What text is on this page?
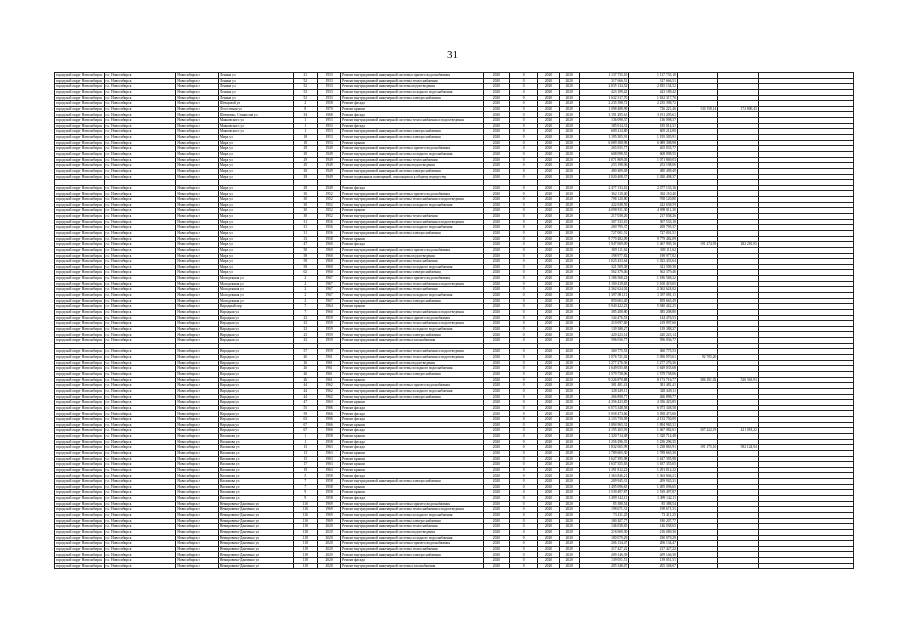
31
городской округ Новосибирск	г.о. Новосибирск	Новосибирск г	Ленина ул	21	1933	Ремонт внутридомовой инженерной системы горячего водоснабжения	2020	0	2020	2020	1 137 735,10	1 137 735,10			
городской округ Новосибирск	г.о. Новосибирск	Новосибирск г	Ленина ул	52	1933	Ремонт внутридомовой инженерной системы теплоснабжения	2020	0	2020	2020	317 666,51	317 666,51			
городской округ Новосибирск	г.о. Новосибирск	Новосибирск г	Ленина ул	52	1933	Ремонт внутридомовой инженерной системы водоотведения	2020	0	2020	2020	2 835 134,52	2 835 134,52			
городской округ Новосибирск	г.о. Новосибирск	Новосибирск г	Ленина ул	52	1933	Ремонт внутридомовой инженерной системы холодного водоснабжения	2020	0	2020	2020	423 189,42	423 189,42			
городской округ Новосибирск	г.о. Новосибирск	Новосибирск г	Ленина ул	52	1933	Ремонт внутридомовой инженерной системы электроснабжения	2020	0	2020	2020	1 632 317,70	1 632 317,70			
городской округ Новосибирск	г.о. Новосибирск	Новосибирск г	Шевцовой ул	2	1958	Ремонт фасада	2020	0	2020	2020	2 235 398,72	2 235 398,72			
городской округ Новосибирск	г.о. Новосибирск	Новосибирск г	Лесосечная ул	8	1970	Ремонт крыши	2020	0	2020	2020	1 098 488,99	726 221,46	130 158,14	172 800,43	
городской округ Новосибирск	г.о. Новосибирск	Новосибирск г	Шевченко, Станислав ул	34	1968	Ремонт фасада	2020	0	2020	2020	3 191 295,61	3 191 295,61			
городской округ Новосибирск	г.о. Новосибирск	Новосибирск г	Маяковского ул	1	1953	Ремонт внутридомовой инженерной системы теплоснабжения и водоотведения	2020	0	2020	2020	136 098,37	136 098,37			
городской округ Новосибирск	г.о. Новосибирск	Новосибирск г	Маяковского ул	1	1953	Ремонт фасада	2020	0	2020	2020	185 014,31	185 014,31			
городской округ Новосибирск	г.о. Новосибирск	Новосибирск г	Маяковского ул	1	1953	Ремонт внутридомовой инженерной системы электроснабжения	2020	0	2020	2020	609 214,80	609 214,80			
городской округ Новосибирск	г.о. Новосибирск	Новосибирск г	Мира ул	18	1953	Ремонт внутридомовой инженерной системы электроснабжения	2020	0	2020	2020	1 195 305,91	1 195 305,91			
городской округ Новосибирск	г.о. Новосибирск	Новосибирск г	Мира ул	18	1953	Ремонт крыши	2020	0	2020	2020	6 089 308,98	6 089 308,98			
городской округ Новосибирск	г.о. Новосибирск	Новосибирск г	Мира ул	29	1949	Ремонт внутридомовой инженерной системы горячего водоснабжения	2020	0	2020	2020	265 035,77	265 035,77			
городской округ Новосибирск	г.о. Новосибирск	Новосибирск г	Мира ул	29	1949	Ремонт внутридомовой инженерной системы холодного водоснабжения	2020	0	2020	2020	608 098,55	608 098,55			
городской округ Новосибирск	г.о. Новосибирск	Новосибирск г	Мира ул	29	1949	Ремонт внутридомовой инженерной системы теплоснабжения	2020	0	2020	2020	1 071 869,03	1 071 869,03			
городской округ Новосибирск	г.о. Новосибирск	Новосибирск г	Мира ул	29	1949	Ремонт внутридомовой инженерной системы водоотведения	2020	0	2020	2020	253 198,06	253 198,06			
городской округ Новосибирск	г.о. Новосибирск	Новосибирск г	Мира ул	29	1949	Ремонт внутридомовой инженерной системы электроснабжения	2020	0	2020	2020	480 409,49	480 409,49			
городской округ Новосибирск	г.о. Новосибирск	Новосибирск г	Мира ул	29	1949	Ремонт подвальных помещений, относящихся к общему имуществу	2020	0	2020	2020	1 020 408,37	1 020 408,37			

городской округ Новосибирск	г.о. Новосибирск	Новосибирск г	Мира ул	29	1949	Ремонт фасада	2020	0	2020	2020	2 477 133,16	2 477 133,16			
городской округ Новосибирск	г.о. Новосибирск	Новосибирск г	Мира ул	30	1952	Ремонт внутридомовой инженерной системы горячего водоснабжения	2020	0	2020	2020	362 110,40	362 110,40			
городской округ Новосибирск	г.о. Новосибирск	Новосибирск г	Мира ул	30	1952	Ремонт внутридомовой инженерной системы теплоснабжения и водоотведения	2020	0	2020	2020	708 120,80	708 120,80			
городской округ Новосибирск	г.о. Новосибирск	Новосибирск г	Мира ул	30	1952	Ремонт внутридомовой инженерной системы холодного водоснабжения	2020	0	2020	2020	422 638,59	422 638,59			
городской округ Новосибирск	г.о. Новосибирск	Новосибирск г	Мира ул	30	1952	Ремонт крыши	2020	0	2020	2020	4 098 811,30	4 098 811,30			
городской округ Новосибирск	г.о. Новосибирск	Новосибирск г	Мира ул	30	1952	Ремонт внутридомовой инженерной системы теплоснабжения	2020	0	2020	2020	217 038,26	217 038,26			
городской округ Новосибирск	г.о. Новосибирск	Новосибирск г	Мира ул	31	1956	Ремонт внутридомовой инженерной системы теплоснабжения и водоотведения	2020	0	2020	2020	307 533,10	307 533,10			
городской округ Новосибирск	г.о. Новосибирск	Новосибирск г	Мира ул	31	1956	Ремонт внутридомовой инженерной системы холодного водоснабжения	2020	0	2020	2020	269 795,37	269 795,37			
городской округ Новосибирск	г.о. Новосибирск	Новосибирск г	Мира ул	31	1956	Ремонт внутридомовой инженерной системы электроснабжения	2020	0	2020	2020	727 001,51	727 001,51			
городской округ Новосибирск	г.о. Новосибирск	Новосибирск г	Мира ул	33	1958	Ремонт крыши	2020	0	2020	2020	9 779 482,09	9 779 482,09			
городской округ Новосибирск	г.о. Новосибирск	Новосибирск г	Мира ул	47	1960	Ремонт фасада	2020	0	2020	2020	1 947 069,09	1 467 905,16	191 274,93	282 281,83	
городской округ Новосибирск	г.о. Новосибирск	Новосибирск г	Мира ул	58	1960	Ремонт внутридомовой инженерной системы горячего водоснабжения	2020	0	2020	2020	309 111,62	309 111,62			
городской округ Новосибирск	г.о. Новосибирск	Новосибирск г	Мира ул	58	1960	Ремонт внутридомовой инженерной системы водоотведения	2020	0	2020	2020	198 977,82	198 977,82			
городской округ Новосибирск	г.о. Новосибирск	Новосибирск г	Мира ул	58	1960	Ремонт внутридомовой инженерной системы теплоснабжения	2020	0	2020	2020	1 023 433,64	1 023 433,64			
городской округ Новосибирск	г.о. Новосибирск	Новосибирск г	Мира ул	58	1960	Ремонт внутридомовой инженерной системы холодного водоснабжения	2020	0	2020	2020	321 509,38	321 509,38			
городской округ Новосибирск	г.о. Новосибирск	Новосибирск г	Мира ул	62	1960	Ремонт внутридомовой инженерной системы электроснабжения	2020	0	2020	2020	562 379,46	562 379,46			
городской округ Новосибирск	г.о. Новосибирск	Новосибирск г	Молодежная ул	2	1967	Ремонт внутридомовой инженерной системы горячего водоснабжения	2020	0	2020	2020	1 186 568,22	1 186 568,22			
городской округ Новосибирск	г.о. Новосибирск	Новосибирск г	Молодежная ул	2	1967	Ремонт внутридомовой инженерной системы теплоснабжения и водоотведения	2020	0	2020	2020	1 100 419,65	1 100 419,65			
городской округ Новосибирск	г.о. Новосибирск	Новосибирск г	Молодежная ул	2	1967	Ремонт внутридомовой инженерной системы теплоснабжения	2020	0	2020	2020	2 362 624,02	2 362 624,02			
городской округ Новосибирск	г.о. Новосибирск	Новосибирск г	Молодежная ул	2	1967	Ремонт внутридомовой инженерной системы холодного водоснабжения	2020	0	2020	2020	1 397 081,11	1 397 081,11			
городской округ Новосибирск	г.о. Новосибирск	Новосибирск г	Молодежная ул	2	1967	Ремонт внутридомовой инженерной системы электроснабжения	2020	0	2020	2020	859 663,49	859 663,49			
городской округ Новосибирск	г.о. Новосибирск	Новосибирск г	Народный пер	7	1964	Ремонт крыши	2020	0	2020	2020	5 940 422,25	5 940 422,25			
городской округ Новосибирск	г.о. Новосибирск	Новосибирск г	Народная ул	7	1960	Ремонт внутридомовой инженерной системы теплоснабжения и водоотведения	2020	0	2020	2020	385 208,80	385 208,80			
городской округ Новосибирск	г.о. Новосибирск	Новосибирск г	Народная ул	23	1959	Ремонт внутридомовой инженерной системы горячего водоснабжения	2020	0	2020	2020	144 476,53	144 476,53			
городской округ Новосибирск	г.о. Новосибирск	Новосибирск г	Народная ул	23	1959	Ремонт внутридомовой инженерной системы теплоснабжения и водоотведения	2020	0	2020	2020	219 097,60	219 097,60			
городской округ Новосибирск	г.о. Новосибирск	Новосибирск г	Народная ул	23	1959	Ремонт внутридомовой инженерной системы холодного водоснабжения	2020	0	2020	2020	139 388,27	139 388,27			
городской округ Новосибирск	г.о. Новосибирск	Новосибирск г	Народная ул	23	1959	Ремонт внутридомовой инженерной системы электроснабжения	2020	0	2020	2020	420 223,14	420 223,14			
городской округ Новосибирск	г.о. Новосибирск	Новосибирск г	Народная ул	23	1959	Ремонт внутридомовой инженерной системы газоснабжения	2020	0	2020	2020	596 036,77	596 036,77			

городской округ Новосибирск	г.о. Новосибирск	Новосибирск г	Народная ул	57	1959	Ремонт внутридомовой инженерной системы теплоснабжения и водоотведения	2020	0	2020	2020	360 775,53	360 775,53			
городской округ Новосибирск	г.о. Новосибирск	Новосибирск г	Народная ул	26	1961	Ремонт внутридомовой инженерной системы теплоснабжения и водоотведения	2020	0	2020	2020	1 076 721,02	1 056 970,61	92 705,20		
городской округ Новосибирск	г.о. Новосибирск	Новосибирск г	Народная ул	26	1961	Ремонт внутридомовой инженерной системы водоотведения	2020	0	2020	2020	1 277 276,36	1 277 276,36			
городской округ Новосибирск	г.о. Новосибирск	Новосибирск г	Народная ул	26	1961	Ремонт внутридомовой инженерной системы холодного водоснабжения	2020	0	2020	2020	1 649 035,68	1 649 035,68			
городской округ Новосибирск	г.о. Новосибирск	Новосибирск г	Народная ул	26	1961	Ремонт внутридомовой инженерной системы электроснабжения	2020	0	2020	2020	1 579 738,06	1 579 738,06			
городской округ Новосибирск	г.о. Новосибирск	Новосибирск г	Народная ул	26	1961	Ремонт крыши	2020	0	2020	2020	9 226 870,88	8 173 716,77	386 181,02	526 363,93	
городской округ Новосибирск	г.о. Новосибирск	Новосибирск г	Народная ул	44	1962	Ремонт внутридомовой инженерной системы горячего водоснабжения	2020	0	2020	2020	381 481,41	381 481,41			
городской округ Новосибирск	г.о. Новосибирск	Новосибирск г	Народная ул	44	1962	Ремонт внутридомовой инженерной системы холодного водоснабжения	2020	0	2020	2020	328 449,11	328 449,11			
городской округ Новосибирск	г.о. Новосибирск	Новосибирск г	Народная ул	44	1962	Ремонт внутридомовой инженерной системы электроснабжения	2020	0	2020	2020	266 898,77	266 898,77			
городской округ Новосибирск	г.о. Новосибирск	Новосибирск г	Народная ул	47	1963	Ремонт крыши	2020	0	2020	2020	4 356 423,85	4 356 423,85			
городской округ Новосибирск	г.о. Новосибирск	Новосибирск г	Народная ул	55	1986	Ремонт фасада	2020	0	2020	2020	6 073 348,58	6 073 348,58			
городской округ Новосибирск	г.о. Новосибирск	Новосибирск г	Народная ул	59	1966	Ремонт фасада	2020	0	2020	2020	5 058 473,66	5 058 473,66			
городской округ Новосибирск	г.о. Новосибирск	Новосибирск г	Народная ул	63	1996	Ремонт фасада	2020	0	2020	2020	2 133 750,09	2 133 750,09			
городской округ Новосибирск	г.о. Новосибирск	Новосибирск г	Народная ул	67	1966	Ремонт крыши	2020	0	2020	2020	1 894 965,31	1 894 965,31			
городской округ Новосибирск	г.о. Новосибирск	Новосибирск г	Народная ул	67	1966	Ремонт фасада	2020	0	2020	2020	2 195 265,93	1 467 082,61	307 222,19	421 018,22	
городской округ Новосибирск	г.о. Новосибирск	Новосибирск г	Нахимова ул	1	1958	Ремонт крыши	2020	0	2020	2020	1 320 714,48	1 320 714,48			
городской округ Новосибирск	г.о. Новосибирск	Новосибирск г	Нахимова ул	1	1958	Ремонт фасада	2020	0	2020	2020	1 256 296,35	1 256 296,35			
городской округ Новосибирск	г.о. Новосибирск	Новосибирск г	Нахимова ул	13	1963	Ремонт фасада	2020	0	2020	2020	1 832 065,99	1 238 865,91	191 175,10	392 124,94	
городской округ Новосибирск	г.о. Новосибирск	Новосибирск г	Нахимова ул	13	1963	Ремонт крыши	2020	0	2020	2020	1 789 665,30	1 789 665,30			
городской округ Новосибирск	г.о. Новосибирск	Новосибирск г	Нахимова ул	15	1963	Ремонт крыши	2020	0	2020	2020	1 627 395,98	1 627 395,98			
городской округ Новосибирск	г.о. Новосибирск	Новосибирск г	Нахимова ул	17	1963	Ремонт крыши	2020	0	2020	2020	1 637 355,65	1 637 355,65			
городской округ Новосибирск	г.о. Новосибирск	Новосибирск г	Нахимова ул	19	1963	Ремонт крыши	2020	0	2020	2020	1 291 812,22	1 291 812,22			
городской округ Новосибирск	г.о. Новосибирск	Новосибирск г	Нахимова ул	5	1958	Ремонт фасада	2020	0	2020	2020	1 363 846,21	1 363 846,21			
городской округ Новосибирск	г.о. Новосибирск	Новосибирск г	Нахимова ул	7	1958	Ремонт внутридомовой инженерной системы электроснабжения	2020	0	2020	2020	209 945,31	209 945,31			
городской округ Новосибирск	г.о. Новосибирск	Новосибирск г	Нахимова ул	7	1958	Ремонт крыши	2020	0	2020	2020	1 495 096,65	1 495 096,65			
городской округ Новосибирск	г.о. Новосибирск	Новосибирск г	Нахимова ул	9	1958	Ремонт крыши	2020	0	2020	2020	1 539 497,87	1 539 497,87			
городской округ Новосибирск	г.о. Новосибирск	Новосибирск г	Нахимова ул	9	1958	Ремонт фасада	2020	0	2020	2020	1 499 142,11	1 499 142,11			
городской округ Новосибирск	г.о. Новосибирск	Новосибирск г	Немировича-Данченко ул	116	1969	Ремонт внутридомовой инженерной системы горячего водоснабжения	2020	0	2020	2020	85 388,54	85 388,54			
городской округ Новосибирск	г.о. Новосибирск	Новосибирск г	Немировича-Данченко ул	116	1969	Ремонт внутридомовой инженерной системы теплоснабжения и водоотведения	2020	0	2020	2020	198 671,31	198 671,31			
городской округ Новосибирск	г.о. Новосибирск	Новосибирск г	Немировича-Данченко ул	116	1969	Ремонт внутридомовой инженерной системы холодного водоснабжения	2020	0	2020	2020	73 411,25	73 411,25			
городской округ Новосибирск	г.о. Новосибирск	Новосибирск г	Немировича-Данченко ул	116	1969	Ремонт внутридомовой инженерной системы электроснабжения	2020	0	2020	2020	180 207,77	180 207,77			
городской округ Новосибирск	г.о. Новосибирск	Новосибирск г	Немировича-Данченко ул	118	2020	Ремонт внутридомовой инженерной системы теплоснабжения	2020	0	2020	2020	146 038,65	146 038,65			
городской округ Новосибирск	г.о. Новосибирск	Новосибирск г	Немировича-Данченко ул	118	2020	Ремонт внутридомовой инженерной системы водоотведения	2020	0	2020	2020	216 069,30	216 069,30			
городской округ Новосибирск	г.о. Новосибирск	Новосибирск г	Немировича-Данченко ул	118	2020	Ремонт внутридомовой инженерной системы холодного водоснабжения	2020	0	2020	2020	180 079,29	180 079,29			
городской округ Новосибирск	г.о. Новосибирск	Новосибирск г	Немировича-Данченко ул	118	2020	Ремонт внутридомовой инженерной системы горячего водоснабжения	2020	0	2020	2020	206 134,47	206 134,47			
городской округ Новосибирск	г.о. Новосибирск	Новосибирск г	Немировича-Данченко ул	118	2020	Ремонт внутридомовой инженерной системы теплоснабжения	2020	0	2020	2020	217 427,22	217 427,22			
городской округ Новосибирск	г.о. Новосибирск	Новосибирск г	Немировича-Данченко ул	118	2020	Ремонт внутридомовой инженерной системы электроснабжения	2020	0	2020	2020	209 146,39	209 146,39			
городской округ Новосибирск	г.о. Новосибирск	Новосибирск г	Немировича-Данченко ул	118	2020	Ремонт фасада	2020	0	2020	2020	139 051,51	139 051,51			
городской округ Новосибирск	г.о. Новосибирск	Новосибирск г	Немировича-Данченко ул	118	2020	Ремонт внутридомовой инженерной системы газоснабжения	2020	0	2020	2020	205 348,07	205 348,07			
